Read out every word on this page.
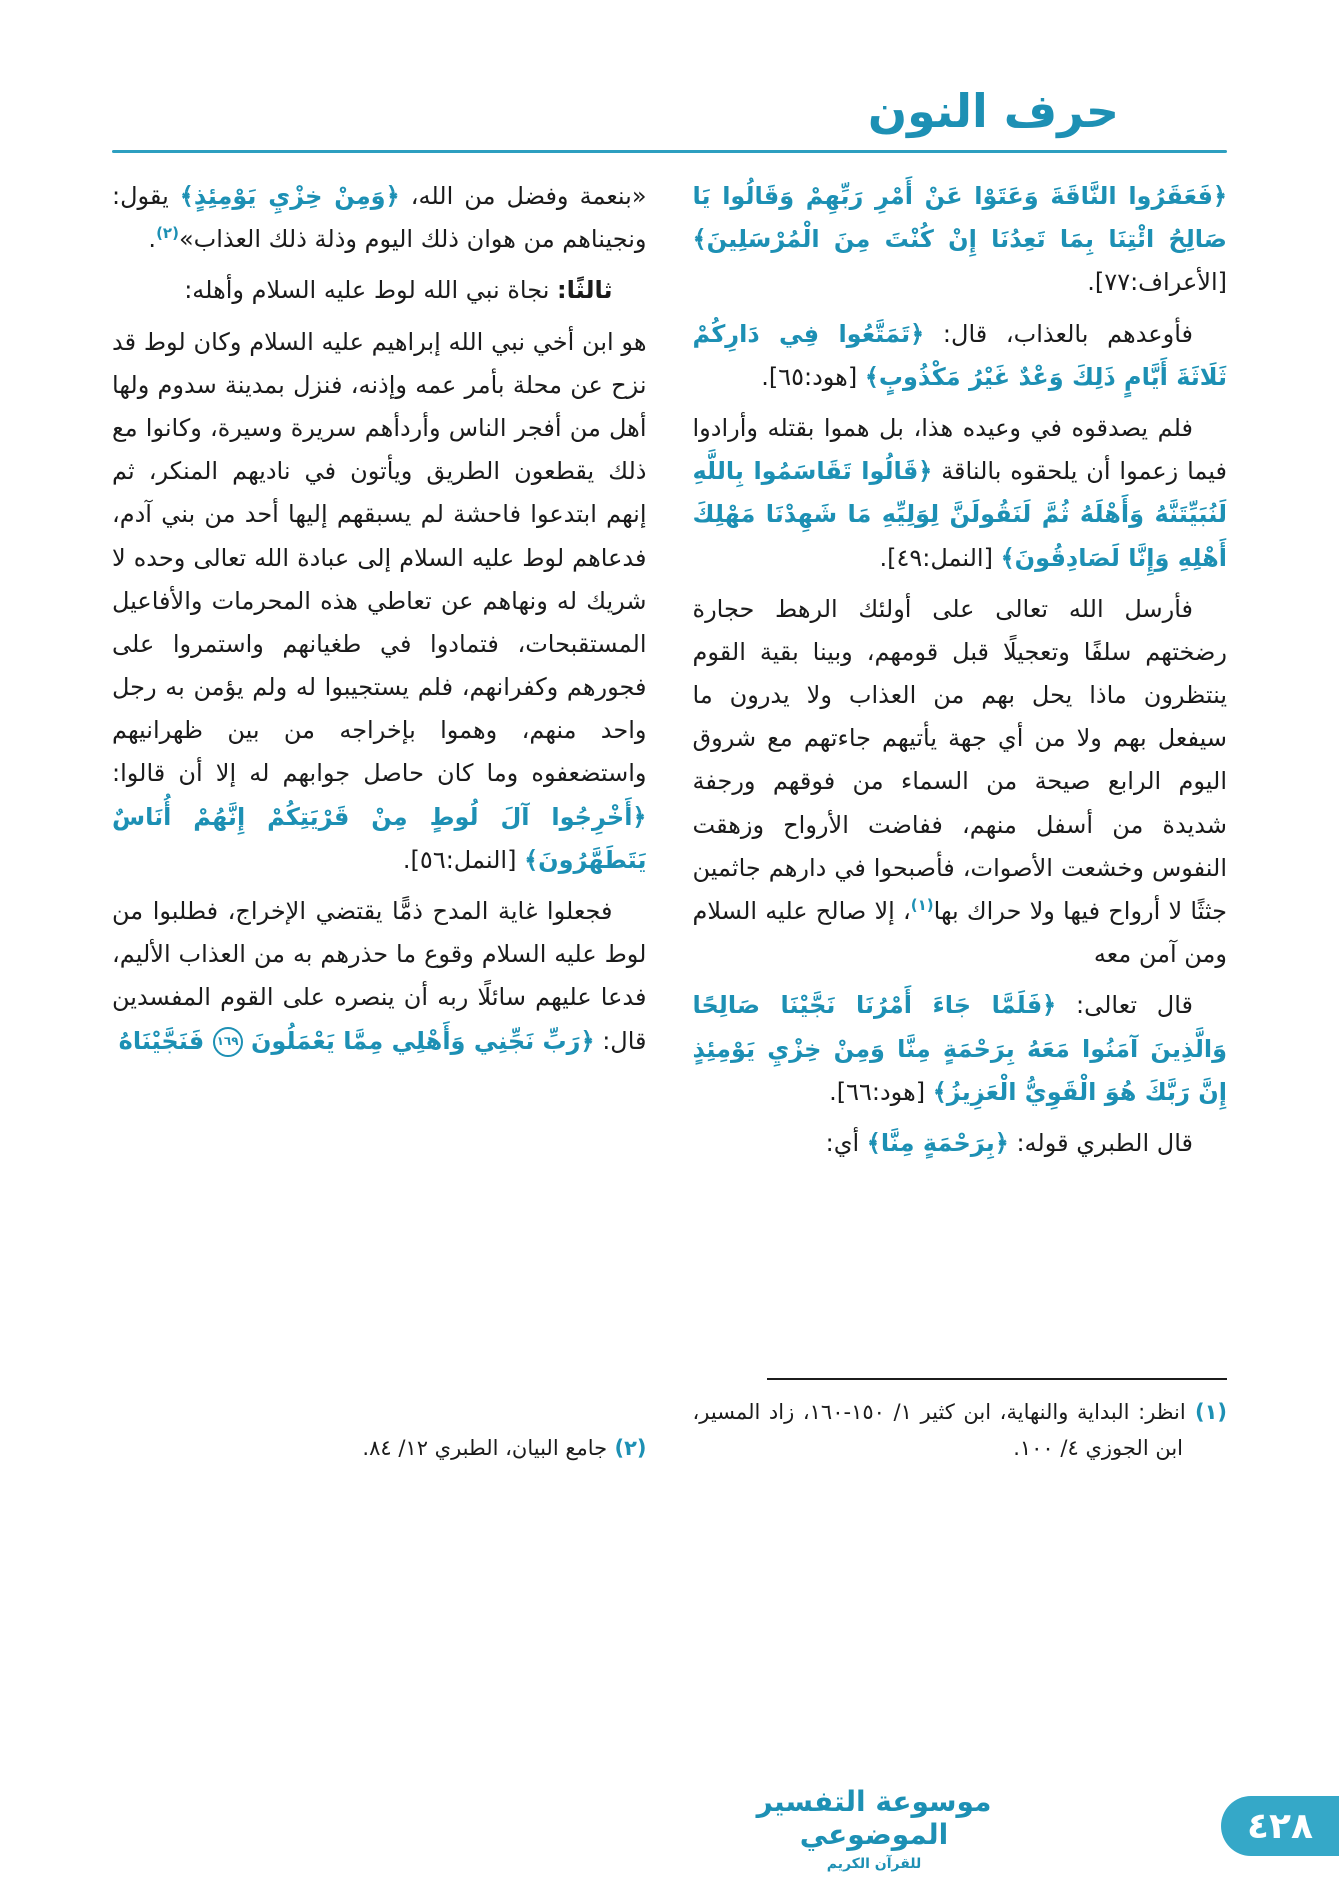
حرف النون

﴿فَعَقَرُوا النَّاقَةَ وَعَتَوْا عَنْ أَمْرِ رَبِّهِمْ وَقَالُوا يَا صَالِحُ ائْتِنَا بِمَا تَعِدُنَا إِنْ كُنْتَ مِنَ الْمُرْسَلِينَ﴾ [الأعراف:٧٧].

فأوعدهم بالعذاب، قال: ﴿تَمَتَّعُوا فِي دَارِكُمْ ثَلَاثَةَ أَيَّامٍ ذَلِكَ وَعْدٌ غَيْرُ مَكْذُوبٍ﴾ [هود:٦٥].

فلم يصدقوه في وعيده هذا، بل هموا بقتله وأرادوا فيما زعموا أن يلحقوه بالناقة ﴿قَالُوا تَقَاسَمُوا بِاللَّهِ لَنُبَيِّتَنَّهُ وَأَهْلَهُ ثُمَّ لَنَقُولَنَّ لِوَلِيِّهِ مَا شَهِدْنَا مَهْلِكَ أَهْلِهِ وَإِنَّا لَصَادِقُونَ﴾ [النمل:٤٩].

فأرسل الله تعالى على أولئك الرهط حجارة رضختهم سلفًا وتعجيلًا قبل قومهم، وبينا بقية القوم ينتظرون ماذا يحل بهم من العذاب ولا يدرون ما سيفعل بهم ولا من أي جهة يأتيهم جاءتهم مع شروق اليوم الرابع صيحة من السماء من فوقهم ورجفة شديدة من أسفل منهم، ففاضت الأرواح وزهقت النفوس وخشعت الأصوات، فأصبحوا في دارهم جاثمين جثثًا لا أرواح فيها ولا حراك بها$^{(١)}$، إلا صالح عليه السلام ومن آمن معه

قال تعالى: ﴿فَلَمَّا جَاءَ أَمْرُنَا نَجَّيْنَا صَالِحًا وَالَّذِينَ آمَنُوا مَعَهُ بِرَحْمَةٍ مِنَّا وَمِنْ خِزْيِ يَوْمِئِذٍ إِنَّ رَبَّكَ هُوَ الْقَوِيُّ الْعَزِيزُ﴾ [هود:٦٦].

قال الطبري قوله: ﴿بِرَحْمَةٍ مِنَّا﴾ أي:

(١) انظر: البداية والنهاية، ابن كثير ١/ ١٥٠-١٦٠، زاد المسير، ابن الجوزي ٤/ ١٠٠.

«بنعمة وفضل من الله، ﴿وَمِنْ خِزْيِ يَوْمِئِذٍ﴾ يقول: ونجيناهم من هوان ذلك اليوم وذلة ذلك العذاب»$^{(٢)}$.

ثالثًا: نجاة نبي الله لوط عليه السلام وأهله:

هو ابن أخي نبي الله إبراهيم عليه السلام وكان لوط قد نزح عن محلة بأمر عمه وإذنه، فنزل بمدينة سدوم ولها أهل من أفجر الناس وأردأهم سريرة وسيرة، وكانوا مع ذلك يقطعون الطريق ويأتون في ناديهم المنكر، ثم إنهم ابتدعوا فاحشة لم يسبقهم إليها أحد من بني آدم، فدعاهم لوط عليه السلام إلى عبادة الله تعالى وحده لا شريك له ونهاهم عن تعاطي هذه المحرمات والأفاعيل المستقبحات، فتمادوا في طغيانهم واستمروا على فجورهم وكفرانهم، فلم يستجيبوا له ولم يؤمن به رجل واحد منهم، وهموا بإخراجه من بين ظهرانيهم واستضعفوه وما كان حاصل جوابهم له إلا أن قالوا: ﴿أَخْرِجُوا آلَ لُوطٍ مِنْ قَرْيَتِكُمْ إِنَّهُمْ أُنَاسٌ يَتَطَهَّرُونَ﴾ [النمل:٥٦].

فجعلوا غاية المدح ذمًّا يقتضي الإخراج، فطلبوا من لوط عليه السلام وقوع ما حذرهم به من العذاب الأليم، فدعا عليهم سائلًا ربه أن ينصره على القوم المفسدين قال: ﴿رَبِّ نَجِّنِي وَأَهْلِي مِمَّا يَعْمَلُونَ ١٦٩ فَنَجَّيْنَاهُ

(٢) جامع البيان، الطبري ١٢/ ٨٤.
موسوعة التفسير الموضوعي
للقرآن الكريم
٤٢٨
